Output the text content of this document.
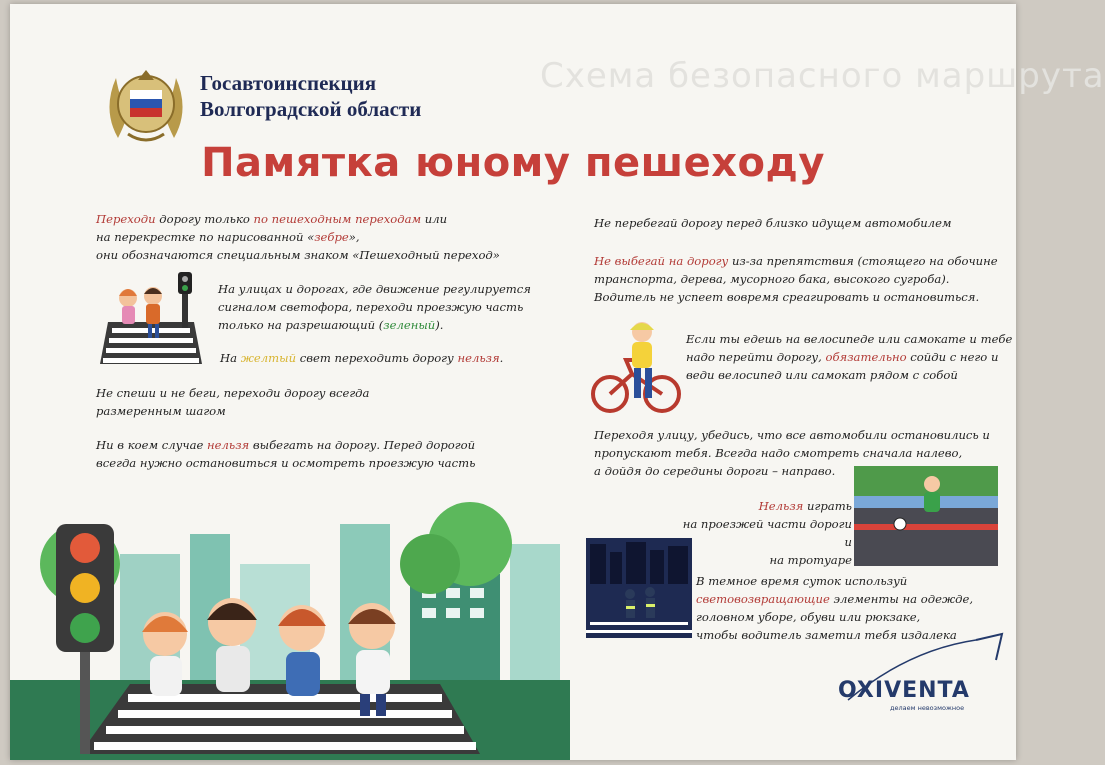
Схема безопасного маршрута
Госавтоинспекция
Волгоградской области
Памятка юному пешеходу
Переходи дорогу только по пешеходным переходам или
на перекрестке по нарисованной «зебре»,
они обозначаются специальным знаком «Пешеходный переход»
На улицах и дорогах, где движение регулируется
сигналом светофора, переходи проезжую часть
только на разрешающий (зеленый).
На желтый свет переходить дорогу нельзя.
Не спеши и не беги, переходи дорогу всегда
размеренным шагом
Ни в коем случае нельзя выбегать на дорогу. Перед дорогой
всегда нужно остановиться и осмотреть проезжую часть
Не перебегай дорогу перед близко идущем автомобилем
Не выбегай на дорогу из-за препятствия (стоящего на обочине
транспорта, дерева, мусорного бака, высокого сугроба).
Водитель не успеет вовремя среагировать и остановиться.
Если ты едешь на велосипеде или самокате и тебе
надо перейти дорогу, обязательно сойди с него и
веди велосипед или самокат рядом с собой
Переходя улицу, убедись, что все автомобили остановились и
пропускают тебя. Всегда надо смотреть сначала налево,
а дойдя до середины дороги – направо.
Нельзя играть
на проезжей части дороги и
на тротуаре
В темное время суток используй
световозвращающие элементы на одежде,
головном уборе, обуви или рюкзаке,
чтобы водитель заметил тебя издалека
OXIVENTA
делаем невозможное
